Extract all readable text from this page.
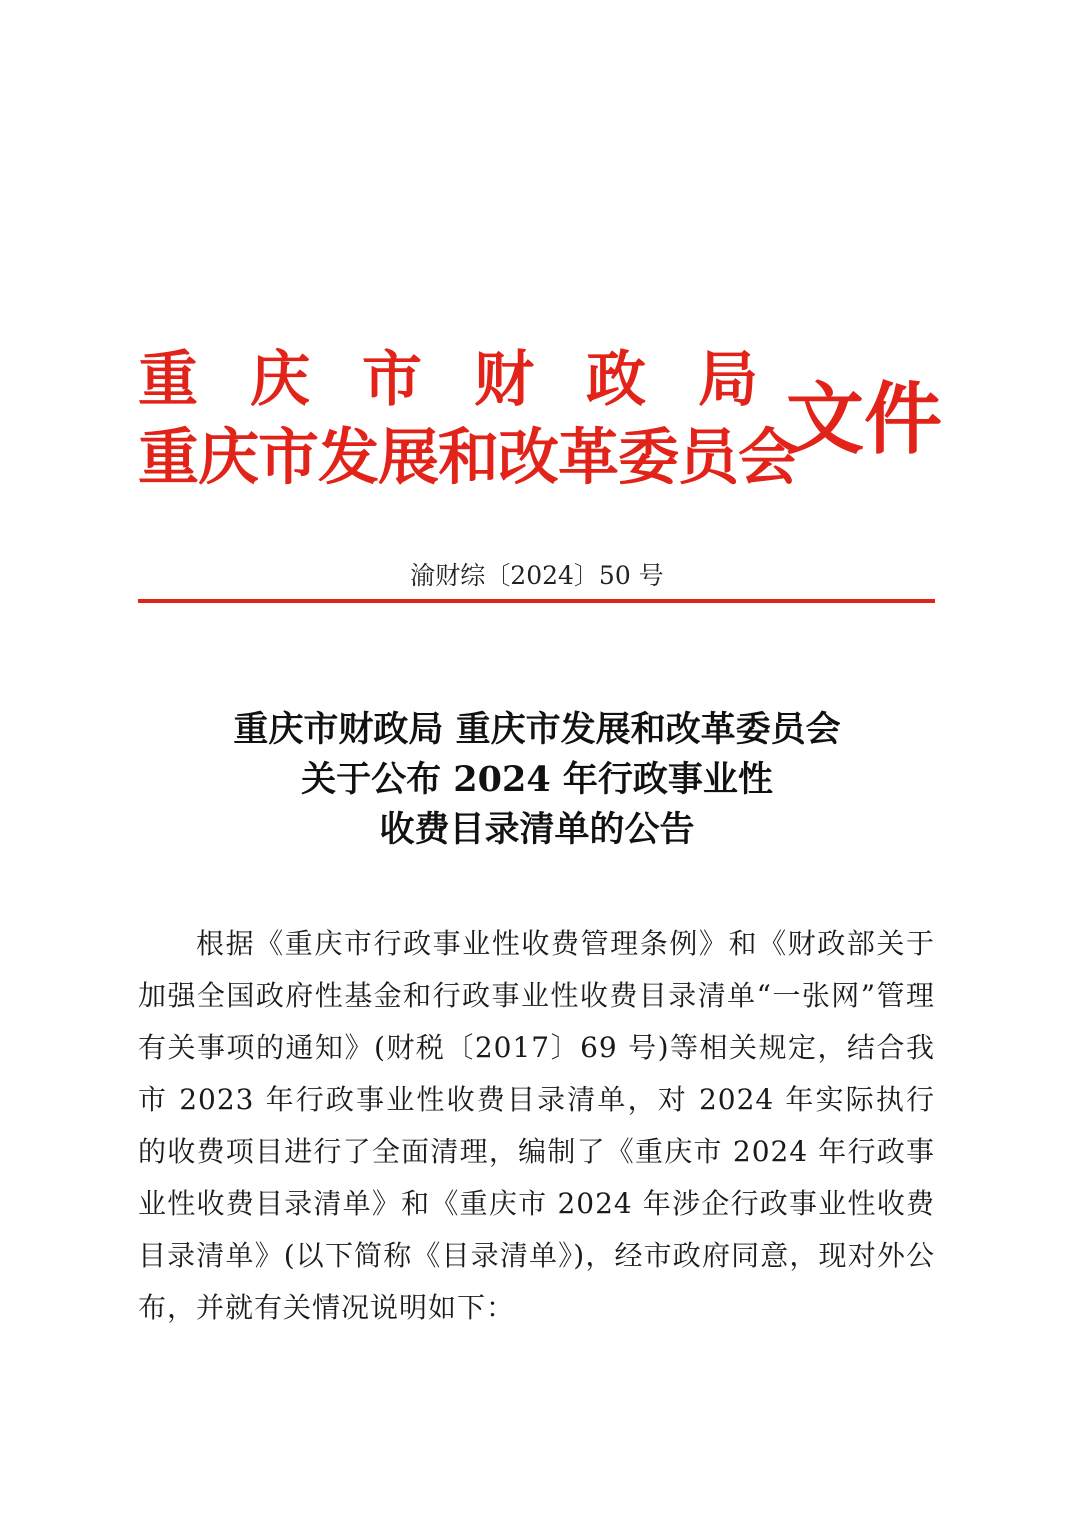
重 庆 市 财 政 局
重庆市发展和改革委员会
文件
渝财综〔2024〕50 号
重庆市财政局 重庆市发展和改革委员会
关于公布 2024 年行政事业性
收费目录清单的公告
根据《重庆市行政事业性收费管理条例》和《财政部关于加强全国政府性基金和行政事业性收费目录清单“一张网”管理有关事项的通知》(财税〔2017〕69 号)等相关规定，结合我市 2023 年行政事业性收费目录清单，对 2024 年实际执行的收费项目进行了全面清理，编制了《重庆市 2024 年行政事业性收费目录清单》和《重庆市 2024 年涉企行政事业性收费目录清单》(以下简称《目录清单》)，经市政府同意，现对外公布，并就有关情况说明如下：
